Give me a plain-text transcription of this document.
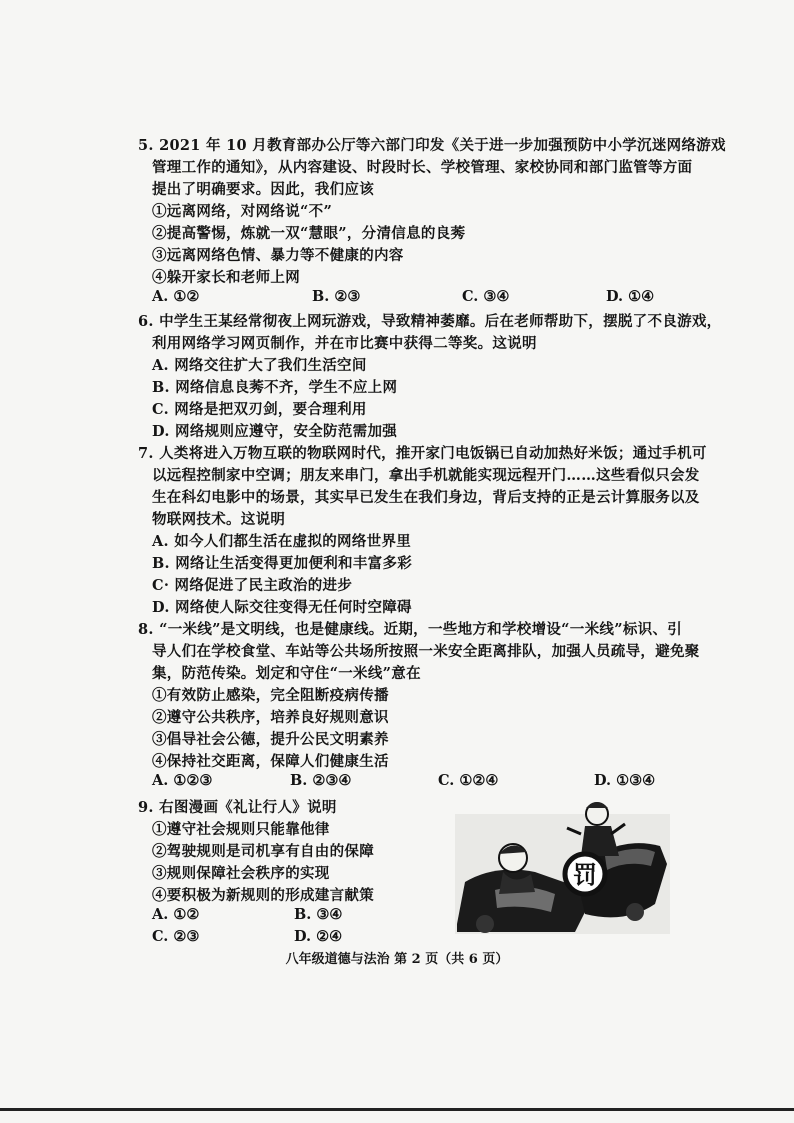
5. 2021 年 10 月教育部办公厅等六部门印发《关于进一步加强预防中小学沉迷网络游戏
管理工作的通知》，从内容建设、时段时长、学校管理、家校协同和部门监管等方面
提出了明确要求。因此，我们应该
①远离网络，对网络说“不”
②提高警惕，炼就一双“慧眼”，分清信息的良莠
③远离网络色情、暴力等不健康的内容
④躲开家长和老师上网
A. ①②	B. ②③	C. ③④	D. ①④
6. 中学生王某经常彻夜上网玩游戏，导致精神萎靡。后在老师帮助下，摆脱了不良游戏，
利用网络学习网页制作，并在市比赛中获得二等奖。这说明
A. 网络交往扩大了我们生活空间
B. 网络信息良莠不齐，学生不应上网
C. 网络是把双刃剑，要合理利用
D. 网络规则应遵守，安全防范需加强
7. 人类将进入万物互联的物联网时代，推开家门电饭锅已自动加热好米饭；通过手机可
以远程控制家中空调；朋友来串门，拿出手机就能实现远程开门……这些看似只会发
生在科幻电影中的场景，其实早已发生在我们身边，背后支持的正是云计算服务以及
物联网技术。这说明
A. 如今人们都生活在虚拟的网络世界里
B. 网络让生活变得更加便利和丰富多彩
C· 网络促进了民主政治的进步
D. 网络使人际交往变得无任何时空障碍
8. “一米线”是文明线，也是健康线。近期，一些地方和学校增设“一米线”标识、引
导人们在学校食堂、车站等公共场所按照一米安全距离排队，加强人员疏导，避免聚
集，防范传染。划定和守住“一米线”意在
①有效防止感染，完全阻断疫病传播
②遵守公共秩序，培养良好规则意识
③倡导社会公德，提升公民文明素养
④保持社交距离，保障人们健康生活
A. ①②③	B. ②③④	C. ①②④	D. ①③④
9. 右图漫画《礼让行人》说明
①遵守社会规则只能靠他律
②驾驶规则是司机享有自由的保障
③规则保障社会秩序的实现
④要积极为新规则的形成建言献策
A. ①②	B. ③④
C. ②③	D. ②④
罚
八年级道德与法治 第 2 页（共 6 页）
